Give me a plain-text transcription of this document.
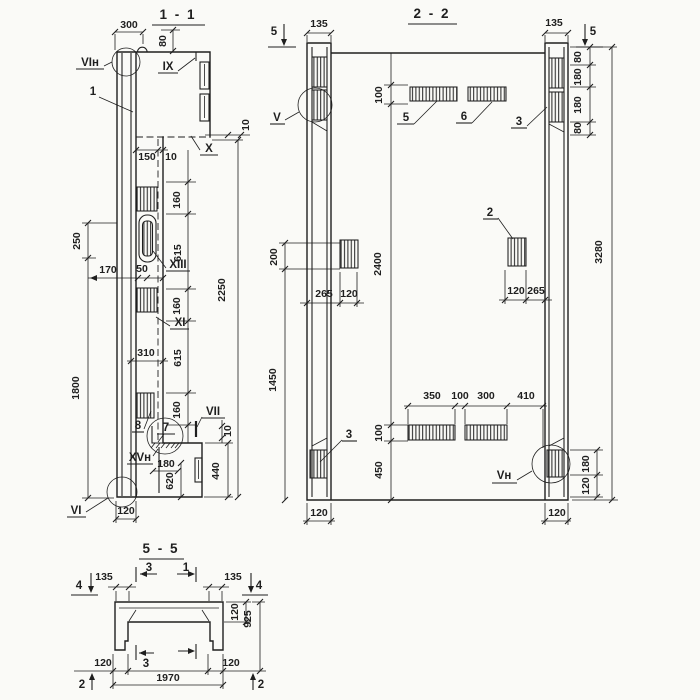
1 - 1
300
80
10
150 10
160
615
160
615
160
2250
250
1800
170 50
310
10
180
620
440
120
VIн
1
IX
X
XIII
XI
8 7
VII
XVн
VI
2 - 2
135	135
80
180
180
80
3280
100
2400
200
1450
265 120	120 265
100
450
350 100 300 410
180
120
120	120
5	5
V	5	6	3
2
3
Vн
5 - 5
135	135
120 925
120	120
1970
4	4
3	1
3
2	2
